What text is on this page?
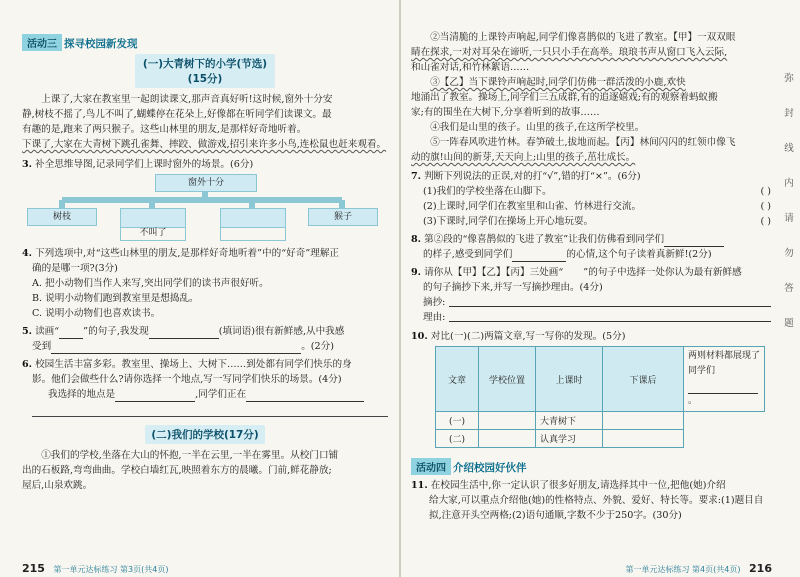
活动三 探寻校园新发现
(一)大青树下的小学(节选)(15分)

上课了,大家在教室里一起朗读课文,那声音真好听!这时候,窗外十分安

静,树枝不摇了,鸟儿不叫了,蝴蝶停在花朵上,好像都在听同学们读课文。最

有趣的是,跑来了两只猴子。这些山林里的朋友,是那样好奇地听着。

下课了,大家在大青树下跳孔雀舞、摔跤、做游戏,招引来许多小鸟,连松鼠也赶来观看。

3. 补全思维导图,记录同学们上课时窗外的场景。(6分)

窗外十分
树枝
不叫了
猴子

4. 下列选项中,对“这些山林里的朋友,是那样好奇地听着”中的“好奇”理解正

确的是哪一项?(3分)

A. 把小动物们当作人来写,突出同学们的读书声很好听。

B. 说明小动物们跑到教室里是想捣乱。

C. 说明小动物们也喜欢读书。

5. 读画“	”的句子,我发现	(填词语)很有新鲜感,从中我感

受到	。(2分)

6. 校园生活丰富多彩。教室里、操场上、大树下……到处都有同学们快乐的身

影。他们会做些什么?请你选择一个地点,写一写同学们快乐的场景。(4分)

我选择的地点是	,同学们正在

(二)我们的学校(17分)

①我们的学校,坐落在大山的怀抱,一半在云里,一半在雾里。从校门口铺

出的石板路,弯弯曲曲。学校白墙红瓦,映照着东方的晨曦。门前,鲜花静放;

屋后,山泉欢跳。

215 第一单元达标练习 第3页(共4页)

②当清脆的上课铃声响起,同学们像喜鹊似的飞进了教室。【甲】一双双眼

睛在探求,一对对耳朵在谛听,一只只小手在高举。琅琅书声从窗口飞入云际,

和山雀对话,和竹林絮语……

③【乙】当下课铃声响起时,同学们仿佛一群活泼的小鹿,欢快

地涌出了教室。操场上,同学们三五成群,有的追逐嬉戏;有的观察着蚂蚁搬

家;有的围坐在大树下,分享着听到的故事……

④我们是山里的孩子。山里的孩子,在这所学校里。

⑤一阵春风吹进竹林。春笋破土,拔地而起。【丙】林间闪闪的红领巾像飞

动的旗!山间的新芽,天天向上;山里的孩子,茁壮成长。

7. 判断下列说法的正误,对的打“√”,错的打“×”。(6分)

(1)我们的学校坐落在山脚下。	( )

(2)上课时,同学们在教室里和山雀、竹林进行交流。	( )

(3)下课时,同学们在操场上开心地玩耍。	( )

8. 第②段的“像喜鹊似的飞进了教室”让我们仿佛看到同学们

的样子,感受到同学们	的心情,这个句子读着真新鲜!(2分)

9. 请你从【甲】【乙】【丙】三处画“ ”的句子中选择一处你认为最有新鲜感

的句子摘抄下来,并写一写摘抄理由。(4分)

摘抄:

理由:

10. 对比(一)(二)两篇文章,写一写你的发现。(5分)

文章	学校位置	上课时	下课后	两则材料都展现了同学们
。
(一)		大青树下		
(二)		认真学习		
活动四 介绍校园好伙伴

11. 在校园生活中,你一定认识了很多好朋友,请选择其中一位,把他(她)介绍

给大家,可以重点介绍他(她)的性格特点、外貌、爱好、特长等。要求:(1)题目自拟,注意开头空两格;(2)语句通顺,字数不少于250字。(30分)

弥
封
线
内
请
勿
答
题
第一单元达标练习 第4页(共4页) 216
